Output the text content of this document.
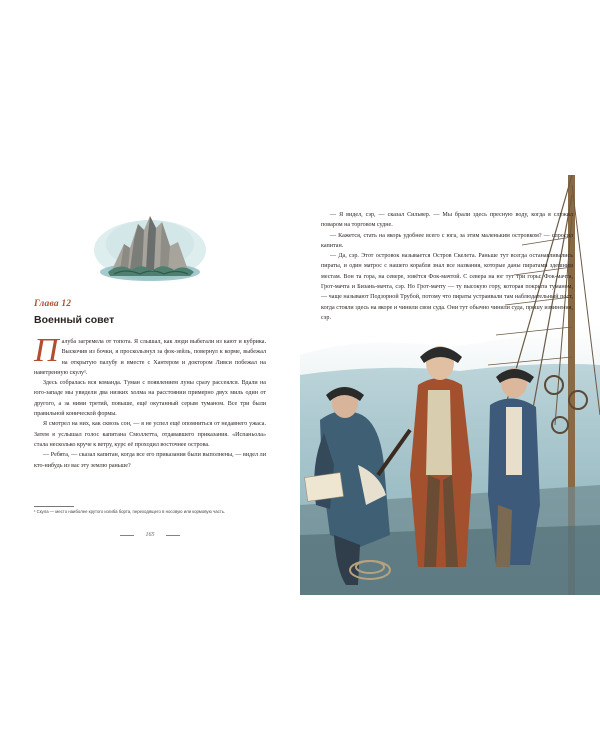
Глава 12
Военный совет

Палуба загремела от топота. Я слышал, как люди выбегали из кают и кубрика. Выскочив из бочки, я проскользнул за фок-зейль, повернул к корме, выбежал на открытую палубу и вместе с Хантером и доктором Ливси побежал на наветренную скулу¹.

Здесь собралась вся команда. Туман с появлением луны сразу рассеялся. Вдали на юго-западе мы увидели два низких холма на расстоянии примерно двух миль один от другого, а за ними третий, повыше, ещё окутанный серым туманом. Все три были правильной конической формы.

Я смотрел на них, как сквозь сон, — я не успел ещё опомниться от недавнего ужаса. Затем я услышал голос капитана Смоллетта, отдававшего приказания. «Испаньола» стала несколько круче к ветру, курс её проходил восточнее острова.

— Ребята, — сказал капитан, когда все его приказания были выполнены, — видел ли кто-нибудь из вас эту землю раньше?

¹ Скула — место наиболее крутого изгиба борта, переходящего в носовую или кормовую часть.
165

— Я видел, сэр, — сказал Сильвер. — Мы брали здесь пресную воду, когда я служил поваром на торговом судне.

— Кажется, стать на якорь удобнее всего с юга, за этим маленьким островком? — спросил капитан.

— Да, сэр. Этот островок называется Остров Скелета. Раньше тут всегда останавливались пираты, и один матрос с нашего корабля знал все названия, которые даны пиратами здешним местам. Вон та гора, на севере, зовётся Фок-мачтой. С севера на юг тут три горы: Фок-мачта, Грот-мачта и Бизань-мачта, сэр. Но Грот-мачту — ту высокую гору, которая покрыта туманом, — чаще называют Подзорной Трубой, потому что пираты устраивали там наблюдательный пост, когда стояли здесь на якоре и чинили свои суда. Они тут обычно чинили суда, прошу извинения, сэр.
